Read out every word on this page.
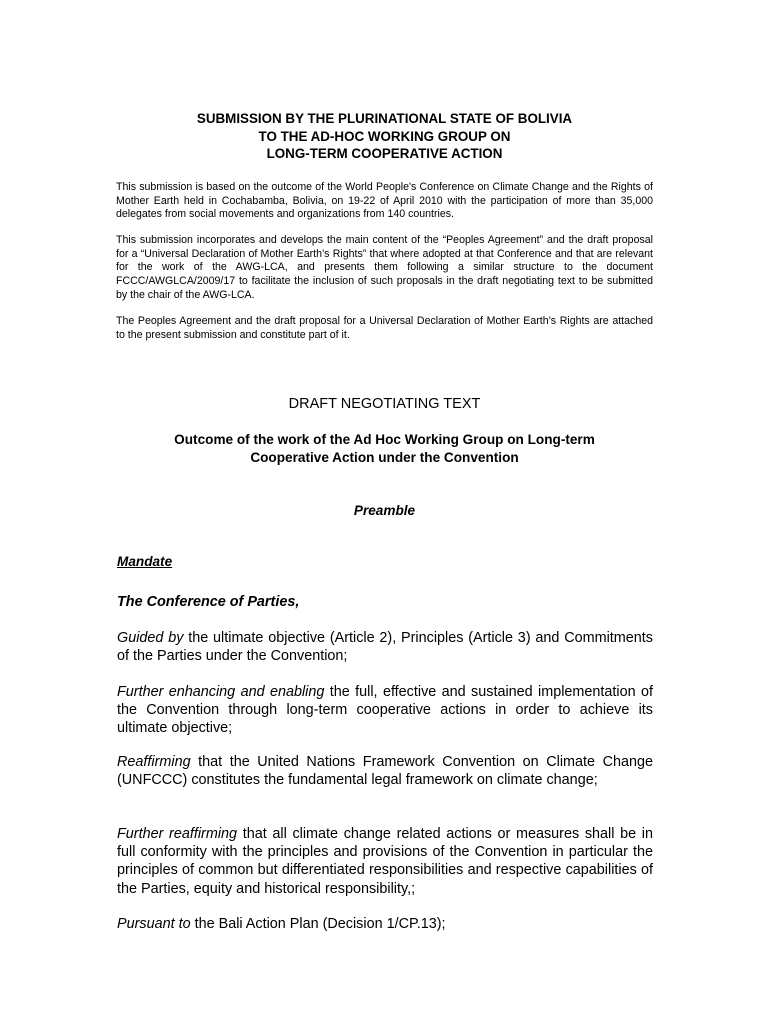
SUBMISSION BY THE PLURINATIONAL STATE OF BOLIVIA
TO THE AD-HOC WORKING GROUP ON
LONG-TERM COOPERATIVE ACTION
This submission is based on the outcome of the World People's Conference on Climate Change and the Rights of Mother Earth held in Cochabamba, Bolivia, on 19-22 of April 2010 with the participation of more than 35,000 delegates from social movements and organizations from 140 countries.
This submission incorporates and develops the main content of the “Peoples Agreement” and the draft proposal for a “Universal Declaration of Mother Earth’s Rights” that where adopted at that Conference and that are relevant for the work of the AWG-LCA, and presents them following a similar structure to the document FCCC/AWGLCA/2009/17 to facilitate the inclusion of such proposals in the draft negotiating text to be submitted by the chair of the AWG-LCA.
The Peoples Agreement and the draft proposal for a Universal Declaration of Mother Earth’s Rights are attached to the present submission and constitute part of it.
DRAFT NEGOTIATING TEXT
Outcome of the work of the Ad Hoc Working Group on Long-term
Cooperative Action under the Convention
Preamble
Mandate
The Conference of Parties,
Guided by the ultimate objective (Article 2), Principles (Article 3) and Commitments of the Parties under the Convention;
Further enhancing and enabling the full, effective and sustained implementation of the Convention through long-term cooperative actions in order to achieve its ultimate objective;
Reaffirming that the United Nations Framework Convention on Climate Change (UNFCCC) constitutes the fundamental legal framework on climate change;
Further reaffirming that all climate change related actions or measures shall be in full conformity with the principles and provisions of the Convention in particular the principles of common but differentiated responsibilities and respective capabilities of the Parties, equity and historical responsibility,;
Pursuant to the Bali Action Plan (Decision 1/CP.13);
